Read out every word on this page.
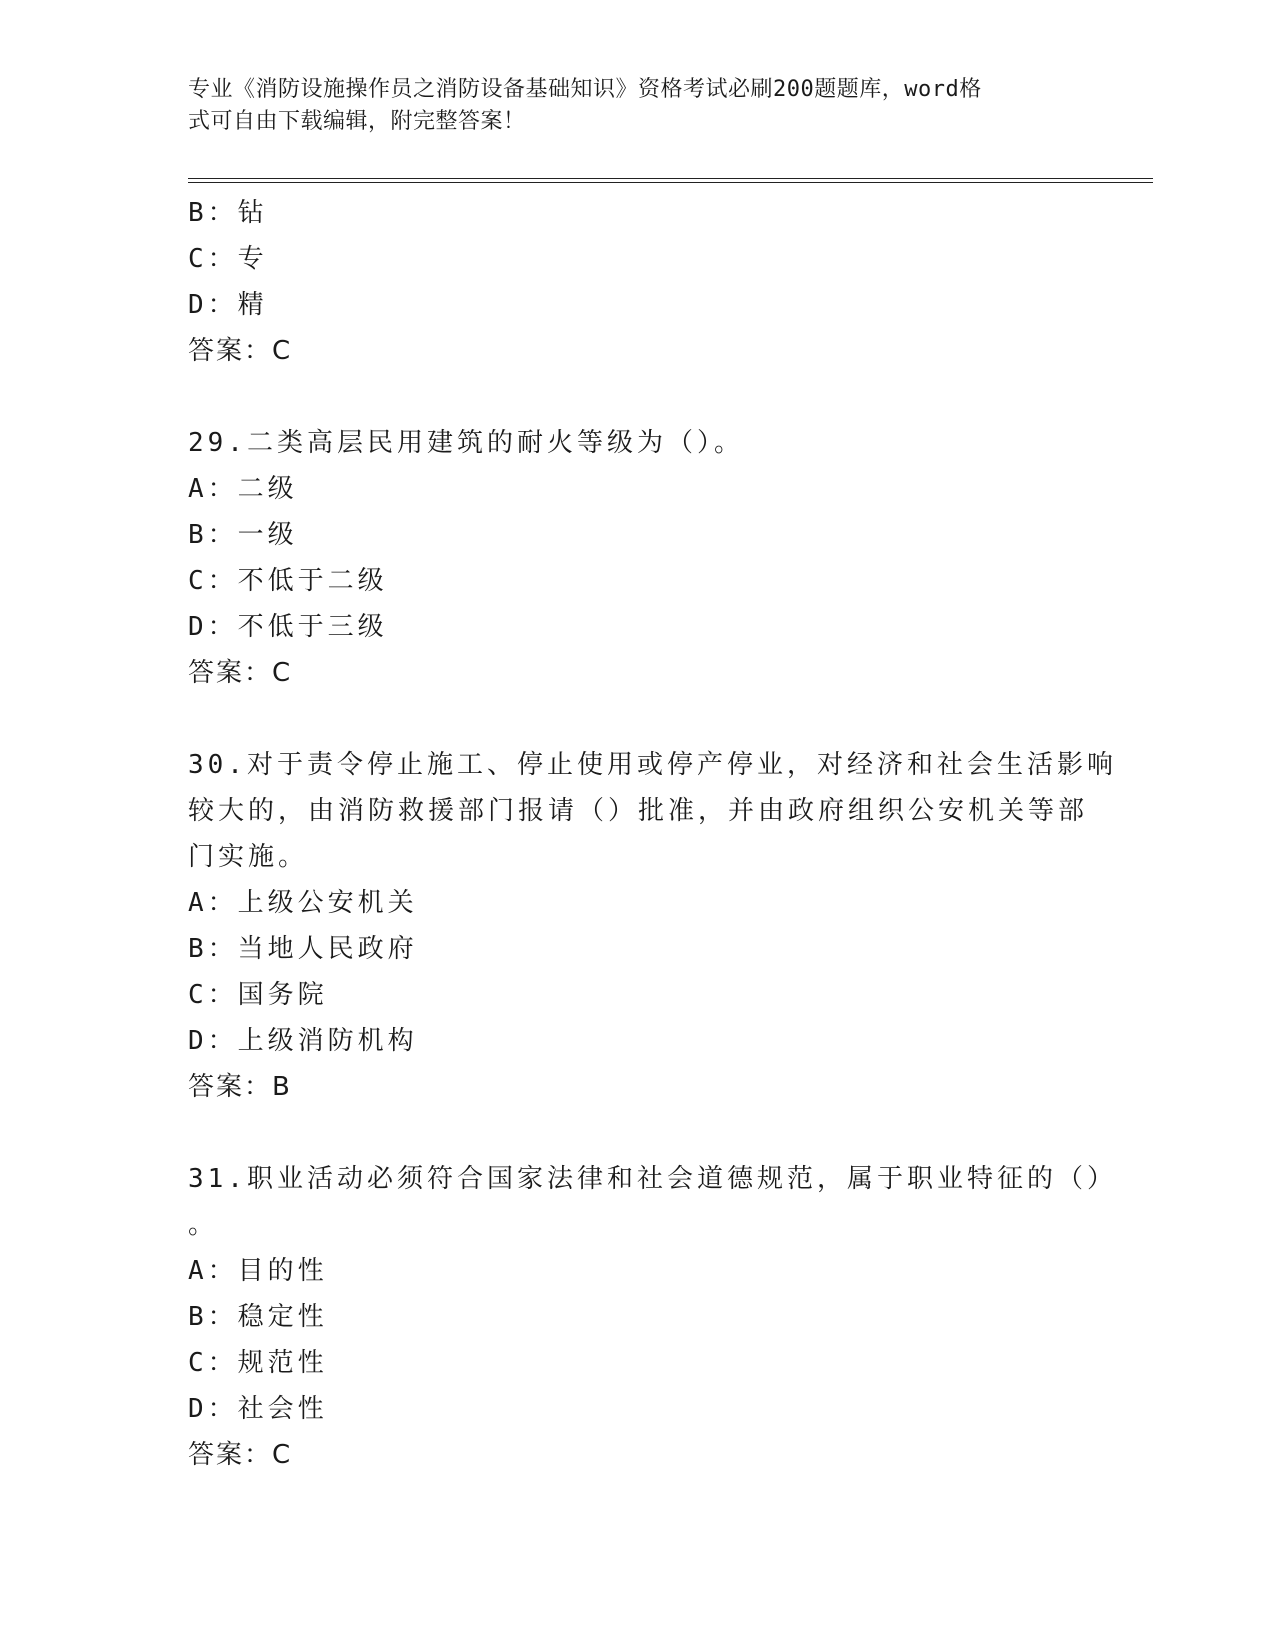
专业《消防设施操作员之消防设备基础知识》资格考试必刷200题题库，word格
式可自由下载编辑，附完整答案！
B：钻
C：专
D：精
答案：C
29.二类高层民用建筑的耐火等级为（）。
A：二级
B：一级
C：不低于二级
D：不低于三级
答案：C
30.对于责令停止施工、停止使用或停产停业，对经济和社会生活影响
较大的，由消防救援部门报请（）批准，并由政府组织公安机关等部
门实施。
A：上级公安机关
B：当地人民政府
C：国务院
D：上级消防机构
答案：B
31.职业活动必须符合国家法律和社会道德规范，属于职业特征的（）
。
A：目的性
B：稳定性
C：规范性
D：社会性
答案：C
